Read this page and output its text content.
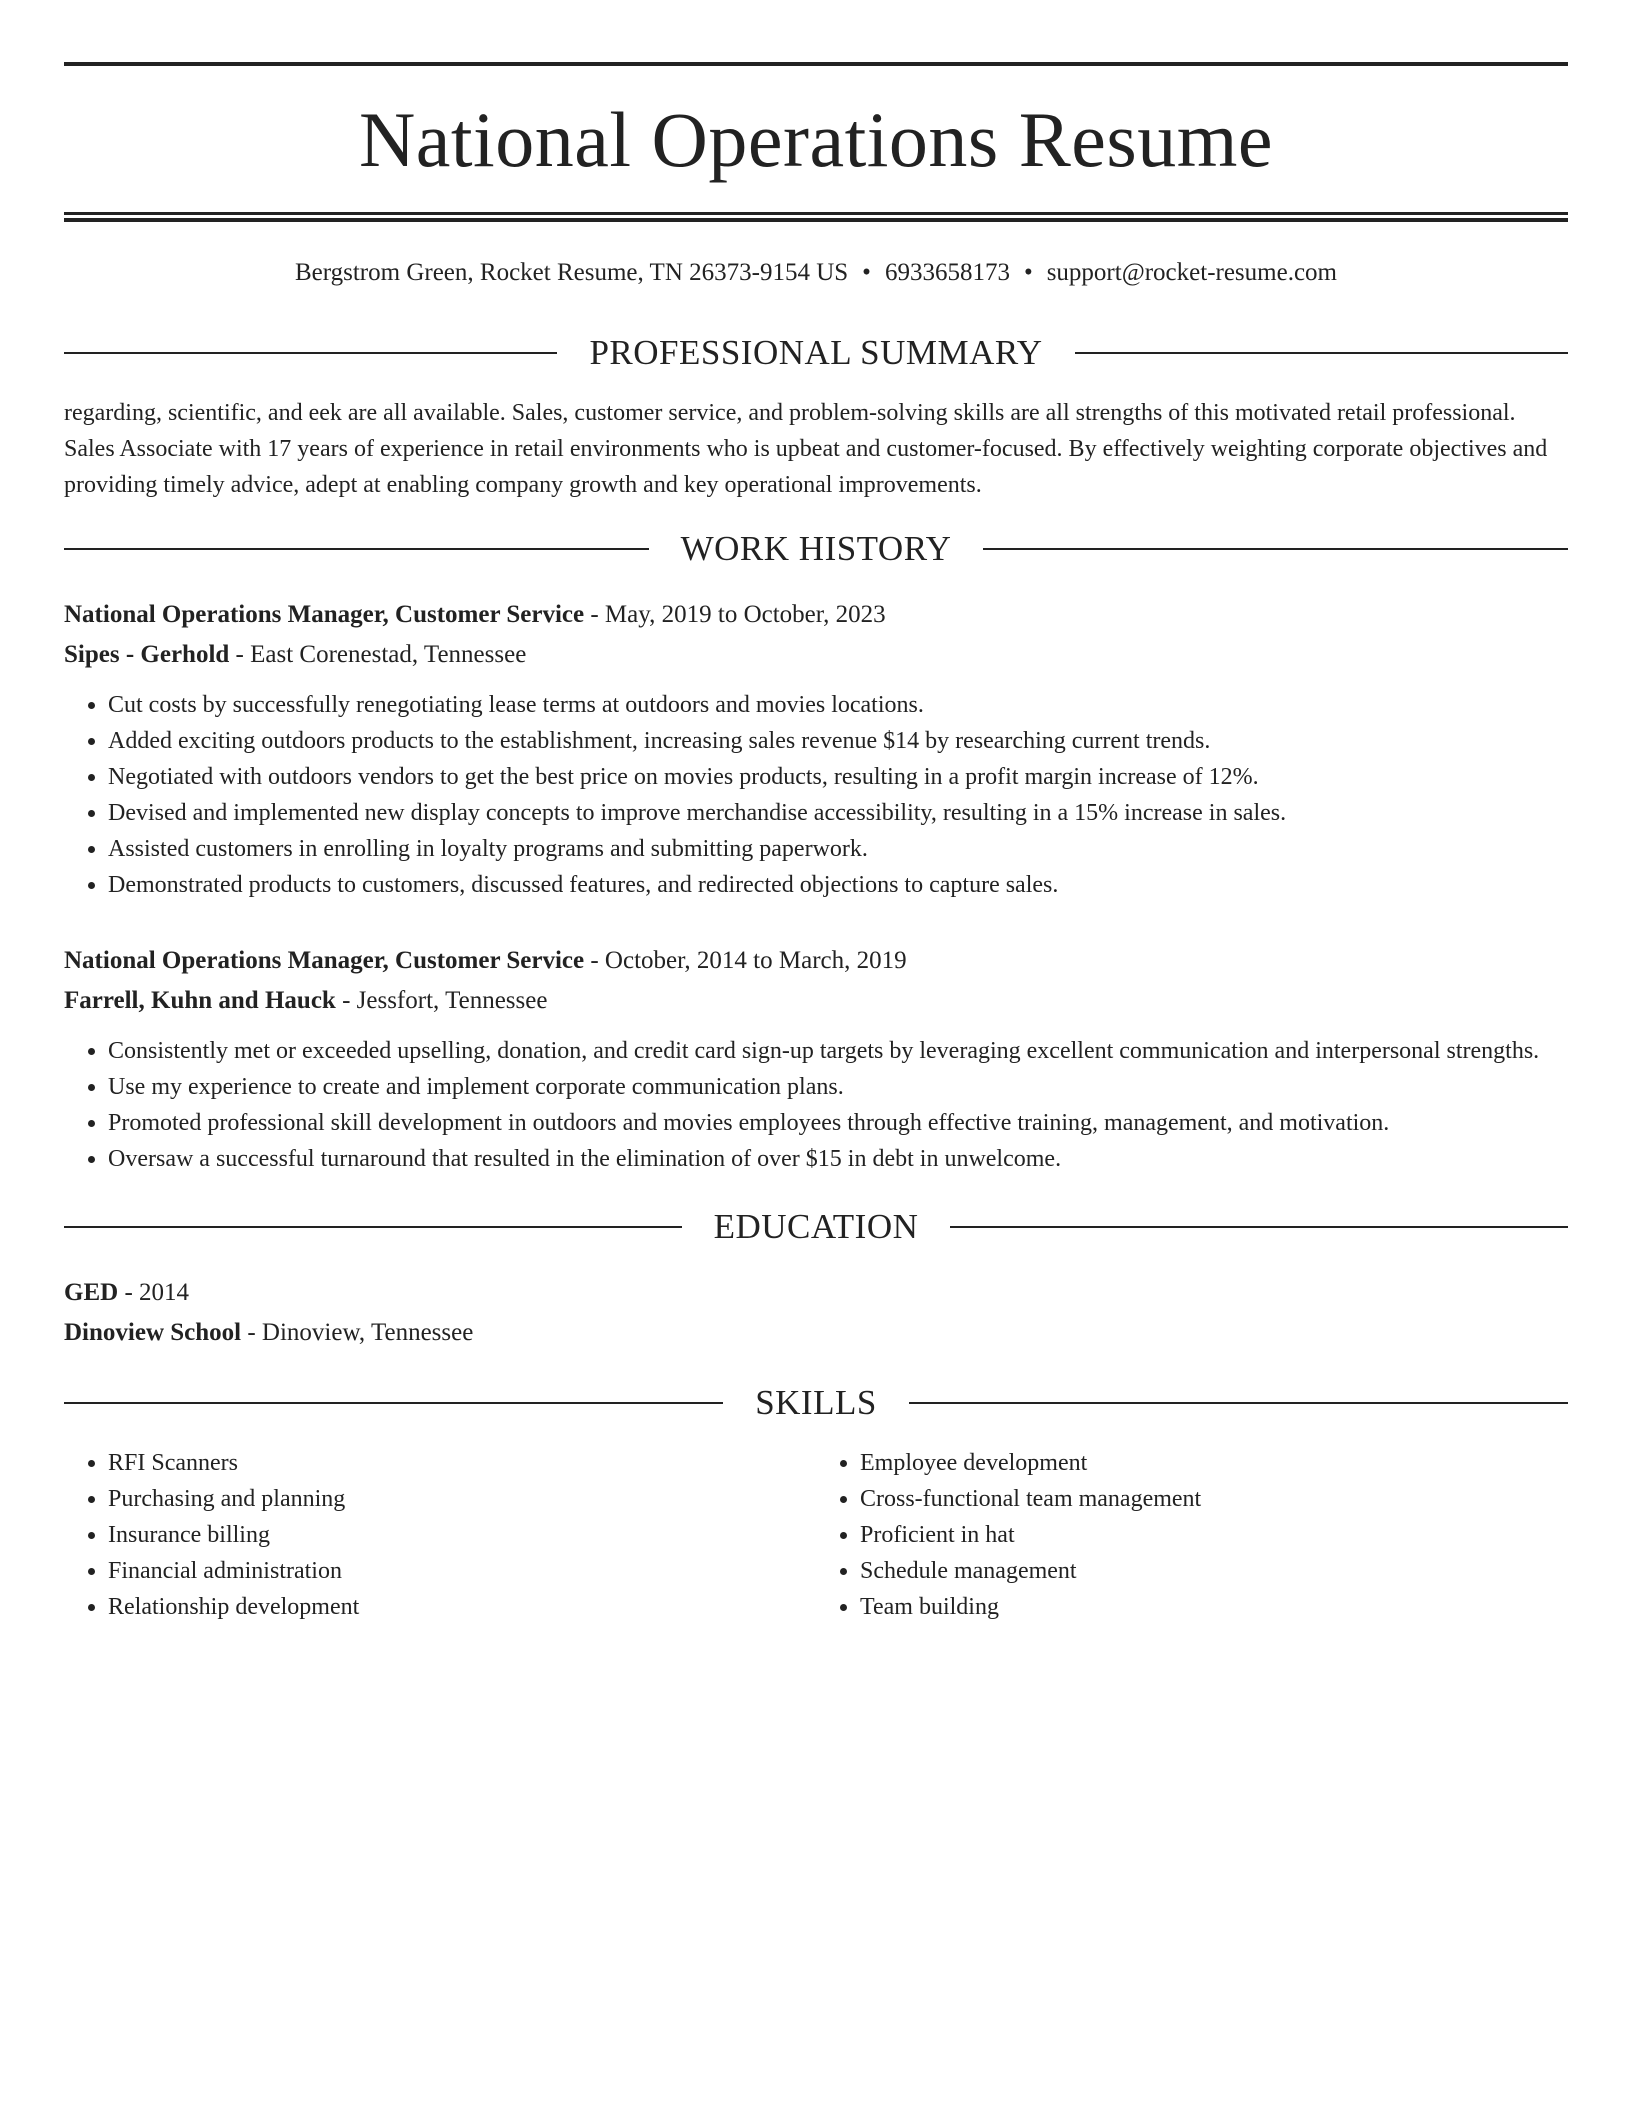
National Operations Resume
Bergstrom Green, Rocket Resume, TN 26373-9154 US • 6933658173 • support@rocket-resume.com
PROFESSIONAL SUMMARY
regarding, scientific, and eek are all available. Sales, customer service, and problem-solving skills are all strengths of this motivated retail professional. Sales Associate with 17 years of experience in retail environments who is upbeat and customer-focused. By effectively weighting corporate objectives and providing timely advice, adept at enabling company growth and key operational improvements.
WORK HISTORY
National Operations Manager, Customer Service - May, 2019 to October, 2023
Sipes - Gerhold - East Corenestad, Tennessee
• Cut costs by successfully renegotiating lease terms at outdoors and movies locations.
• Added exciting outdoors products to the establishment, increasing sales revenue $14 by researching current trends.
• Negotiated with outdoors vendors to get the best price on movies products, resulting in a profit margin increase of 12%.
• Devised and implemented new display concepts to improve merchandise accessibility, resulting in a 15% increase in sales.
• Assisted customers in enrolling in loyalty programs and submitting paperwork.
• Demonstrated products to customers, discussed features, and redirected objections to capture sales.
National Operations Manager, Customer Service - October, 2014 to March, 2019
Farrell, Kuhn and Hauck - Jessfort, Tennessee
• Consistently met or exceeded upselling, donation, and credit card sign-up targets by leveraging excellent communication and interpersonal strengths.
• Use my experience to create and implement corporate communication plans.
• Promoted professional skill development in outdoors and movies employees through effective training, management, and motivation.
• Oversaw a successful turnaround that resulted in the elimination of over $15 in debt in unwelcome.
EDUCATION
GED - 2014
Dinoview School - Dinoview, Tennessee
SKILLS
• RFI Scanners
• Purchasing and planning
• Insurance billing
• Financial administration
• Relationship development
• Employee development
• Cross-functional team management
• Proficient in hat
• Schedule management
• Team building
